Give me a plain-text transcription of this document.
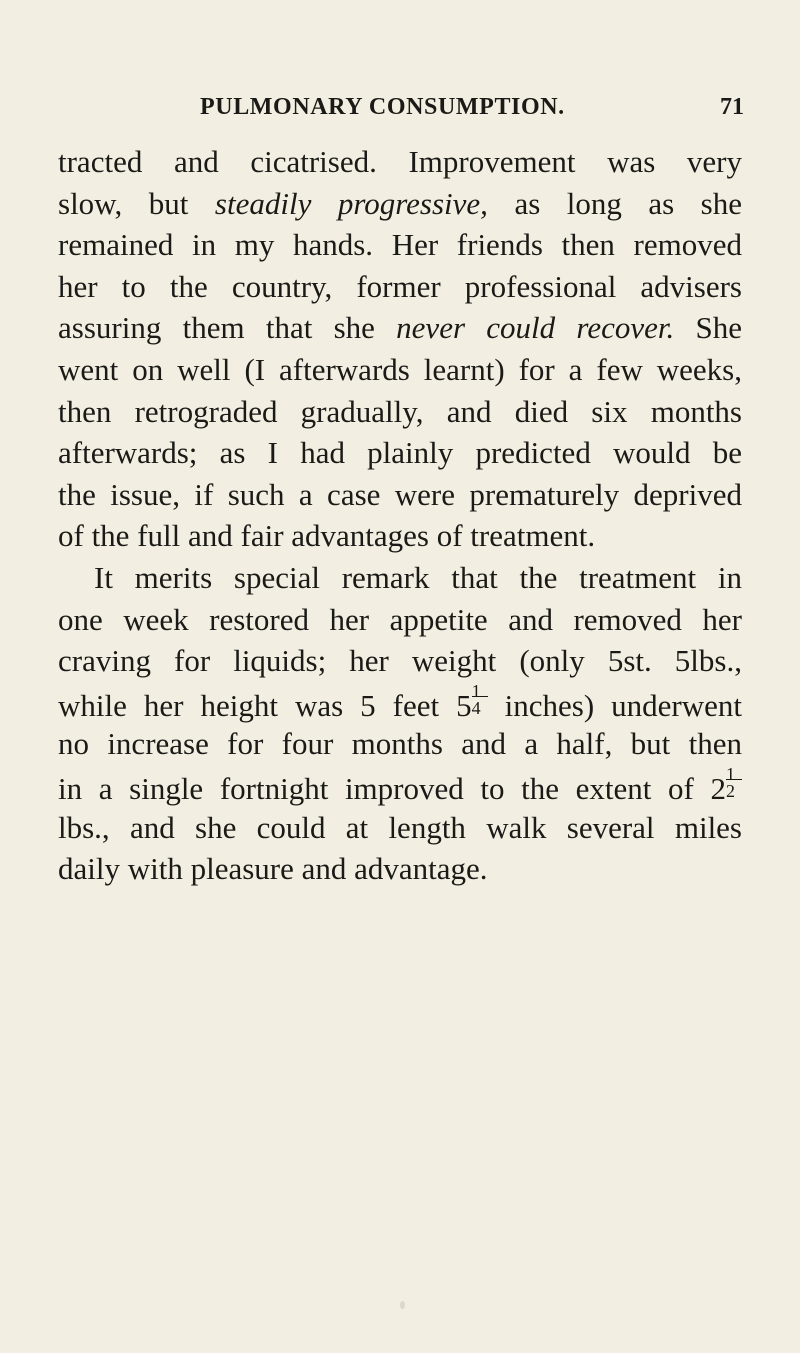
PULMONARY CONSUMPTION.	71
tracted and cicatrised. Improvement was very
slow, but steadily progressive, as long as she
remained in my hands. Her friends then removed
her to the country, former professional advisers
assuring them that she never could recover. She
went on well (I afterwards learnt) for a few weeks,
then retrograded gradually, and died six months
afterwards; as I had plainly predicted would be
the issue, if such a case were prematurely deprived
of the full and fair advantages of treatment.
It merits special remark that the treatment in
one week restored her appetite and removed her
craving for liquids; her weight (only 5st. 5lbs.,
while her height was 5 feet $5 \frac{1}{4}$ inches) underwent
no increase for four months and a half, but then
in a single fortnight improved to the extent of $2 \frac{1}{2}$
lbs., and she could at length walk several miles
daily with pleasure and advantage.
